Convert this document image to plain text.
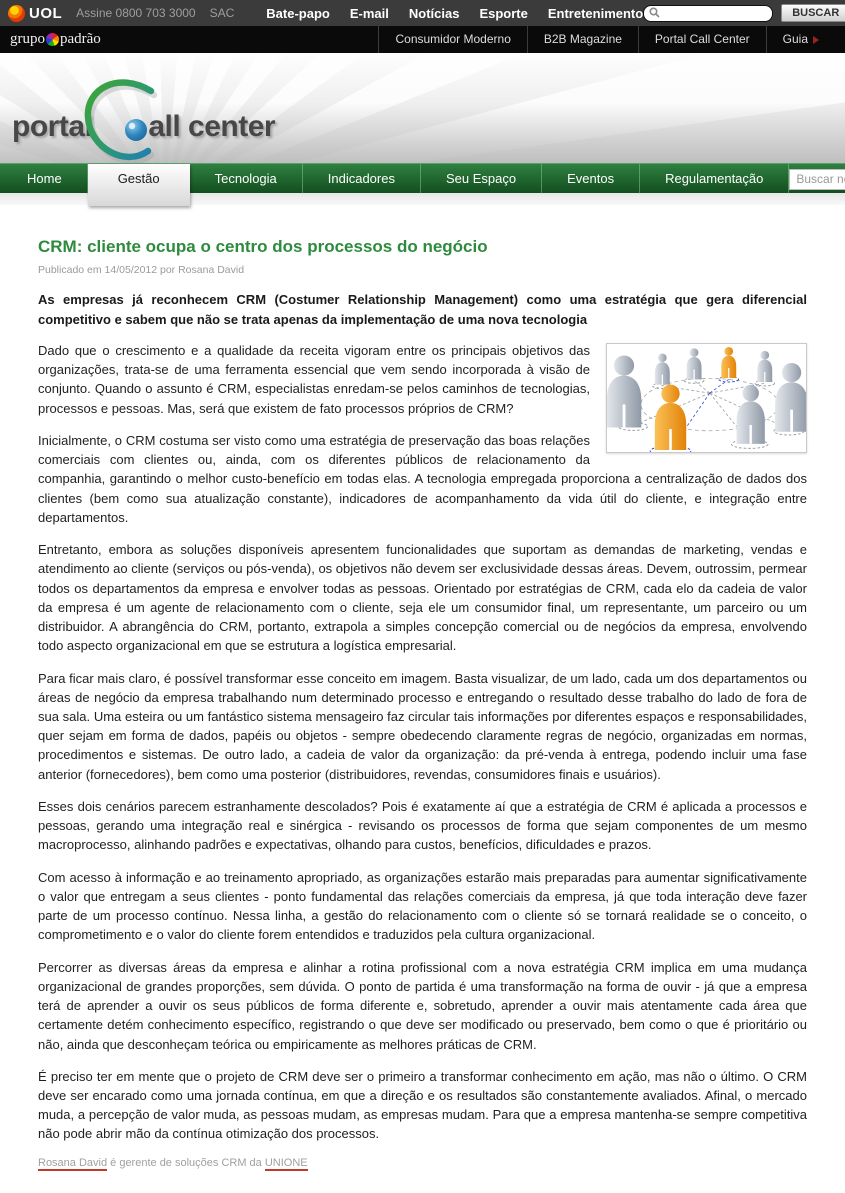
UOL Assine 0800 703 3000 SAC Bate-papo E-mail Notícias Esporte Entretenimento	BUSCAR
grupo padrão	Consumidor Moderno	B2B Magazine	Portal Call Center	Guia
portal all center
Home	Gestão	Tecnologia	Indicadores	Seu Espaço	Eventos	Regulamentação
Buscar no Site
CRM: cliente ocupa o centro dos processos do negócio
Publicado em 14/05/2012 por Rosana David

As empresas já reconhecem CRM (Costumer Relationship Management) como uma estratégia que gera diferencial competitivo e sabem que não se trata apenas da implementação de uma nova tecnologia

Dado que o crescimento e a qualidade da receita vigoram entre os principais objetivos das organizações, trata-se de uma ferramenta essencial que vem sendo incorporada à visão de conjunto. Quando o assunto é CRM, especialistas enredam-se pelos caminhos de tecnologias, processos e pessoas. Mas, será que existem de fato processos próprios de CRM?

Inicialmente, o CRM costuma ser visto como uma estratégia de preservação das boas relações comerciais com clientes ou, ainda, com os diferentes públicos de relacionamento da companhia, garantindo o melhor custo-benefício em todas elas. A tecnologia empregada proporciona a centralização de dados dos clientes (bem como sua atualização constante), indicadores de acompanhamento da vida útil do cliente, e integração entre departamentos.

Entretanto, embora as soluções disponíveis apresentem funcionalidades que suportam as demandas de marketing, vendas e atendimento ao cliente (serviços ou pós-venda), os objetivos não devem ser exclusividade dessas áreas. Devem, outrossim, permear todos os departamentos da empresa e envolver todas as pessoas. Orientado por estratégias de CRM, cada elo da cadeia de valor da empresa é um agente de relacionamento com o cliente, seja ele um consumidor final, um representante, um parceiro ou um distribuidor. A abrangência do CRM, portanto, extrapola a simples concepção comercial ou de negócios da empresa, envolvendo todo aspecto organizacional em que se estrutura a logística empresarial.

Para ficar mais claro, é possível transformar esse conceito em imagem. Basta visualizar, de um lado, cada um dos departamentos ou áreas de negócio da empresa trabalhando num determinado processo e entregando o resultado desse trabalho do lado de fora de sua sala. Uma esteira ou um fantástico sistema mensageiro faz circular tais informações por diferentes espaços e responsabilidades, quer sejam em forma de dados, papéis ou objetos - sempre obedecendo claramente regras de negócio, organizadas em normas, procedimentos e sistemas. De outro lado, a cadeia de valor da organização: da pré-venda à entrega, podendo incluir uma fase anterior (fornecedores), bem como uma posterior (distribuidores, revendas, consumidores finais e usuários).

Esses dois cenários parecem estranhamente descolados? Pois é exatamente aí que a estratégia de CRM é aplicada a processos e pessoas, gerando uma integração real e sinérgica - revisando os processos de forma que sejam componentes de um mesmo macroprocesso, alinhando padrões e expectativas, olhando para custos, benefícios, dificuldades e prazos.

Com acesso à informação e ao treinamento apropriado, as organizações estarão mais preparadas para aumentar significativamente o valor que entregam a seus clientes - ponto fundamental das relações comerciais da empresa, já que toda interação deve fazer parte de um processo contínuo. Nessa linha, a gestão do relacionamento com o cliente só se tornará realidade se o conceito, o comprometimento e o valor do cliente forem entendidos e traduzidos pela cultura organizacional.

Percorrer as diversas áreas da empresa e alinhar a rotina profissional com a nova estratégia CRM implica em uma mudança organizacional de grandes proporções, sem dúvida. O ponto de partida é uma transformação na forma de ouvir - já que a empresa terá de aprender a ouvir os seus públicos de forma diferente e, sobretudo, aprender a ouvir mais atentamente cada área que certamente detém conhecimento específico, registrando o que deve ser modificado ou preservado, bem como o que é prioritário ou não, ainda que desconheçam teórica ou empiricamente as melhores práticas de CRM.

É preciso ter em mente que o projeto de CRM deve ser o primeiro a transformar conhecimento em ação, mas não o último. O CRM deve ser encarado como uma jornada contínua, em que a direção e os resultados são constantemente avaliados. Afinal, o mercado muda, a percepção de valor muda, as pessoas mudam, as empresas mudam. Para que a empresa mantenha-se sempre competitiva não pode abrir mão da contínua otimização dos processos.

Rosana David é gerente de soluções CRM da UNIONE
